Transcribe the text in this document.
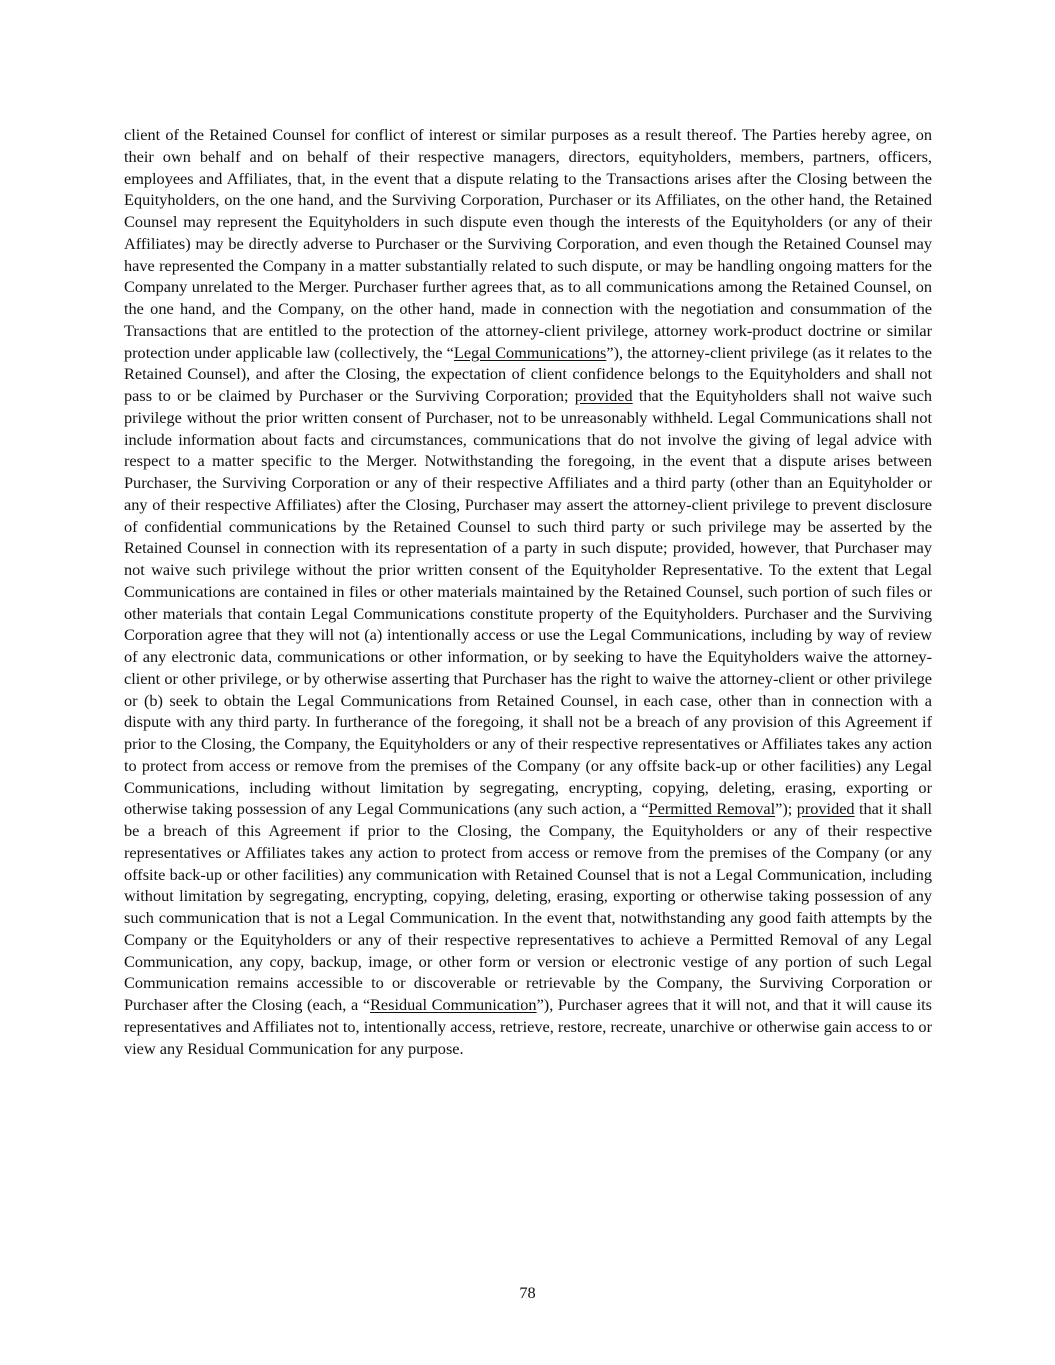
client of the Retained Counsel for conflict of interest or similar purposes as a result thereof. The Parties hereby agree, on their own behalf and on behalf of their respective managers, directors, equityholders, members, partners, officers, employees and Affiliates, that, in the event that a dispute relating to the Transactions arises after the Closing between the Equityholders, on the one hand, and the Surviving Corporation, Purchaser or its Affiliates, on the other hand, the Retained Counsel may represent the Equityholders in such dispute even though the interests of the Equityholders (or any of their Affiliates) may be directly adverse to Purchaser or the Surviving Corporation, and even though the Retained Counsel may have represented the Company in a matter substantially related to such dispute, or may be handling ongoing matters for the Company unrelated to the Merger. Purchaser further agrees that, as to all communications among the Retained Counsel, on the one hand, and the Company, on the other hand, made in connection with the negotiation and consummation of the Transactions that are entitled to the protection of the attorney-client privilege, attorney work-product doctrine or similar protection under applicable law (collectively, the “Legal Communications”), the attorney-client privilege (as it relates to the Retained Counsel), and after the Closing, the expectation of client confidence belongs to the Equityholders and shall not pass to or be claimed by Purchaser or the Surviving Corporation; provided that the Equityholders shall not waive such privilege without the prior written consent of Purchaser, not to be unreasonably withheld. Legal Communications shall not include information about facts and circumstances, communications that do not involve the giving of legal advice with respect to a matter specific to the Merger. Notwithstanding the foregoing, in the event that a dispute arises between Purchaser, the Surviving Corporation or any of their respective Affiliates and a third party (other than an Equityholder or any of their respective Affiliates) after the Closing, Purchaser may assert the attorney-client privilege to prevent disclosure of confidential communications by the Retained Counsel to such third party or such privilege may be asserted by the Retained Counsel in connection with its representation of a party in such dispute; provided, however, that Purchaser may not waive such privilege without the prior written consent of the Equityholder Representative. To the extent that Legal Communications are contained in files or other materials maintained by the Retained Counsel, such portion of such files or other materials that contain Legal Communications constitute property of the Equityholders. Purchaser and the Surviving Corporation agree that they will not (a) intentionally access or use the Legal Communications, including by way of review of any electronic data, communications or other information, or by seeking to have the Equityholders waive the attorney-client or other privilege, or by otherwise asserting that Purchaser has the right to waive the attorney-client or other privilege or (b) seek to obtain the Legal Communications from Retained Counsel, in each case, other than in connection with a dispute with any third party. In furtherance of the foregoing, it shall not be a breach of any provision of this Agreement if prior to the Closing, the Company, the Equityholders or any of their respective representatives or Affiliates takes any action to protect from access or remove from the premises of the Company (or any offsite back-up or other facilities) any Legal Communications, including without limitation by segregating, encrypting, copying, deleting, erasing, exporting or otherwise taking possession of any Legal Communications (any such action, a “Permitted Removal”); provided that it shall be a breach of this Agreement if prior to the Closing, the Company, the Equityholders or any of their respective representatives or Affiliates takes any action to protect from access or remove from the premises of the Company (or any offsite back-up or other facilities) any communication with Retained Counsel that is not a Legal Communication, including without limitation by segregating, encrypting, copying, deleting, erasing, exporting or otherwise taking possession of any such communication that is not a Legal Communication. In the event that, notwithstanding any good faith attempts by the Company or the Equityholders or any of their respective representatives to achieve a Permitted Removal of any Legal Communication, any copy, backup, image, or other form or version or electronic vestige of any portion of such Legal Communication remains accessible to or discoverable or retrievable by the Company, the Surviving Corporation or Purchaser after the Closing (each, a “Residual Communication”), Purchaser agrees that it will not, and that it will cause its representatives and Affiliates not to, intentionally access, retrieve, restore, recreate, unarchive or otherwise gain access to or view any Residual Communication for any purpose.

78
